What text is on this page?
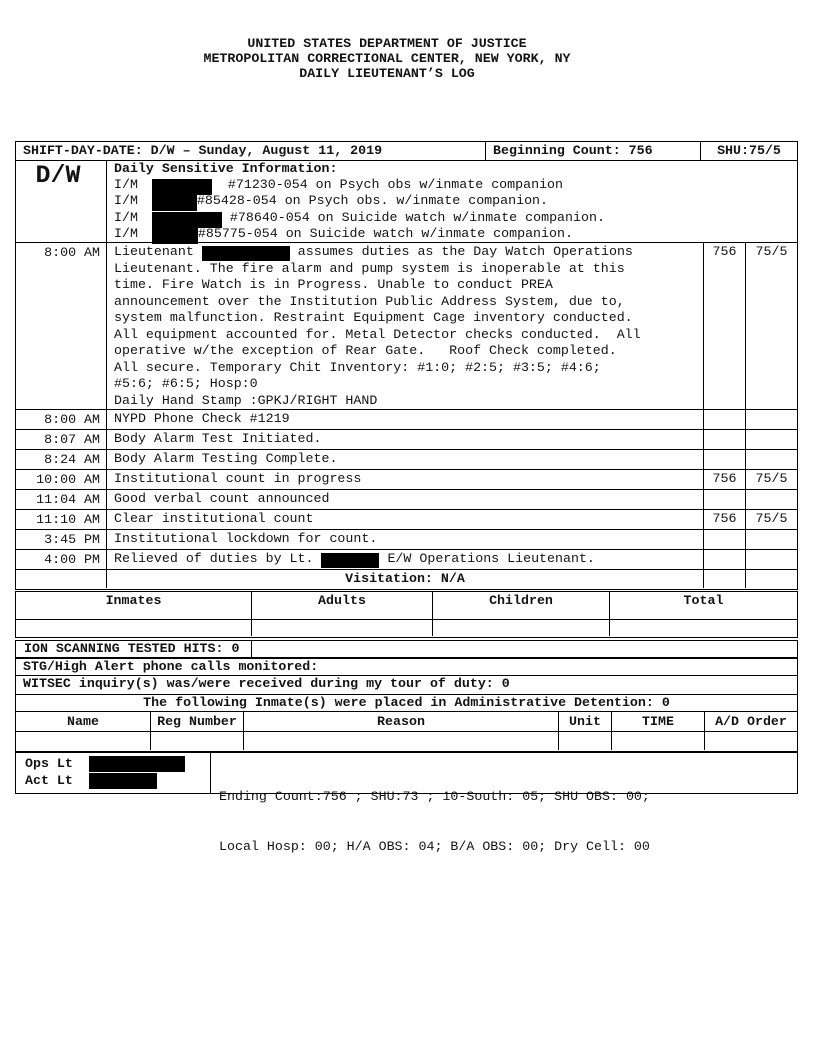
UNITED STATES DEPARTMENT OF JUSTICE
METROPOLITAN CORRECTIONAL CENTER, NEW YORK, NY
DAILY LIEUTENANT’S LOG
SHIFT-DAY-DATE: D/W – Sunday, August 11, 2019	Beginning Count: 756	SHU:75/5
D/W	Daily Sensitive Information:
I/M	#71230-054 on Psych obs w/inmate companion
I/M	#85428-054 on Psych obs. w/inmate companion.
I/M	#78640-054 on Suicide watch w/inmate companion.
I/M	#85775-054 on Suicide watch w/inmate companion.
8:00 AM	Lieutenant	assumes duties as the Day Watch Operations
Lieutenant. The fire alarm and pump system is inoperable at this
time. Fire Watch is in Progress. Unable to conduct PREA
announcement over the Institution Public Address System, due to,
system malfunction. Restraint Equipment Cage inventory conducted.
All equipment accounted for. Metal Detector checks conducted.  All
operative w/the exception of Rear Gate.   Roof Check completed.
All secure. Temporary Chit Inventory: #1:0; #2:5; #3:5; #4:6;
#5:6; #6:5; Hosp:0
Daily Hand Stamp :GPKJ/RIGHT HAND
756	75/5
8:00 AM	NYPD Phone Check #1219
8:07 AM	Body Alarm Test Initiated.
8:24 AM	Body Alarm Testing Complete.
10:00 AM	Institutional count in progress	756	75/5
11:04 AM	Good verbal count announced
11:10 AM	Clear institutional count	756	75/5
3:45 PM	Institutional lockdown for count.
4:00 PM	Relieved of duties by Lt.	E/W Operations Lieutenant.
Visitation: N/A
Inmates	Adults	Children	Total
ION SCANNING TESTED HITS: 0
STG/High Alert phone calls monitored:
WITSEC inquiry(s) was/were received during my tour of duty: 0
The following Inmate(s) were placed in Administrative Detention: 0
Name	Reg Number	Reason	Unit	TIME	A/D Order
Ops Lt
Act Lt

Ending Count:756 ; SHU:73 ; 10-South: 05; SHU OBS: 00;

Local Hosp: 00; H/A OBS: 04; B/A OBS: 00; Dry Cell: 00
